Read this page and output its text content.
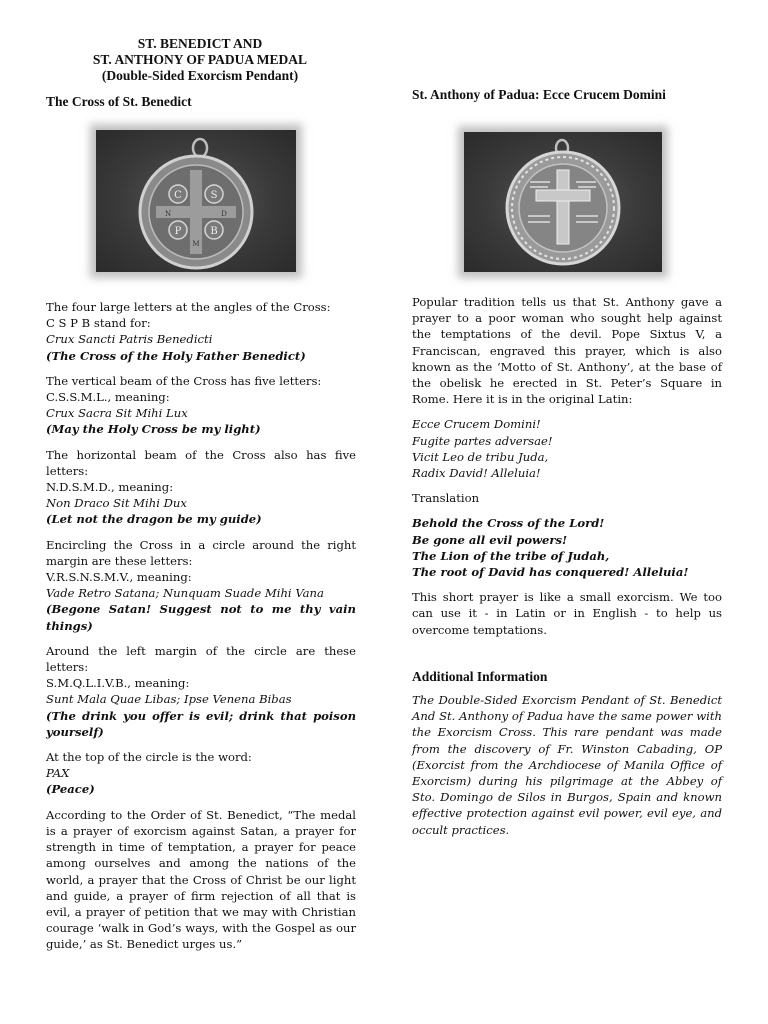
ST. BENEDICT AND
ST. ANTHONY OF PADUA MEDAL
(Double-Sided Exorcism Pendant)
The Cross of St. Benedict	St. Anthony of Padua: Ecce Crucem Domini
C	S
P	B
N	D
M

The four large letters at the angles of the Cross:
C S P B stand for:
Crux Sancti Patris Benedicti
(The Cross of the Holy Father Benedict)

The vertical beam of the Cross has five letters:
C.S.S.M.L., meaning:
Crux Sacra Sit Mihi Lux
(May the Holy Cross be my light)

The horizontal beam of the Cross also has five letters:
N.D.S.M.D., meaning:
Non Draco Sit Mihi Dux
(Let not the dragon be my guide)

Encircling the Cross in a circle around the right margin are these letters:
V.R.S.N.S.M.V., meaning:
Vade Retro Satana; Nunquam Suade Mihi Vana
(Begone Satan! Suggest not to me thy vain things)

Around the left margin of the circle are these letters:
S.M.Q.L.I.V.B., meaning:
Sunt Mala Quae Libas; Ipse Venena Bibas
(The drink you offer is evil; drink that poison yourself)

At the top of the circle is the word:
PAX
(Peace)

According to the Order of St. Benedict, “The medal is a prayer of exorcism against Satan, a prayer for strength in time of temptation, a prayer for peace among ourselves and among the nations of the world, a prayer that the Cross of Christ be our light and guide, a prayer of firm rejection of all that is evil, a prayer of petition that we may with Christian courage ‘walk in God’s ways, with the Gospel as our guide,’ as St. Benedict urges us.”

Popular tradition tells us that St. Anthony gave a prayer to a poor woman who sought help against the temptations of the devil. Pope Sixtus V, a Franciscan, engraved this prayer, which is also known as the ‘Motto of St. Anthony’, at the base of the obelisk he erected in St. Peter’s Square in Rome. Here it is in the original Latin:

Ecce Crucem Domini!
Fugite partes adversae!
Vicit Leo de tribu Juda,
Radix David! Alleluia!

Translation

Behold the Cross of the Lord!
Be gone all evil powers!
The Lion of the tribe of Judah,
The root of David has conquered! Alleluia!

This short prayer is like a small exorcism. We too can use it - in Latin or in English - to help us overcome temptations.

Additional Information

The Double-Sided Exorcism Pendant of St. Benedict And St. Anthony of Padua have the same power with the Exorcism Cross. This rare pendant was made from the discovery of Fr. Winston Cabading, OP (Exorcist from the Archdiocese of Manila Office of Exorcism) during his pilgrimage at the Abbey of Sto. Domingo de Silos in Burgos, Spain and known effective protection against evil power, evil eye, and occult practices.
